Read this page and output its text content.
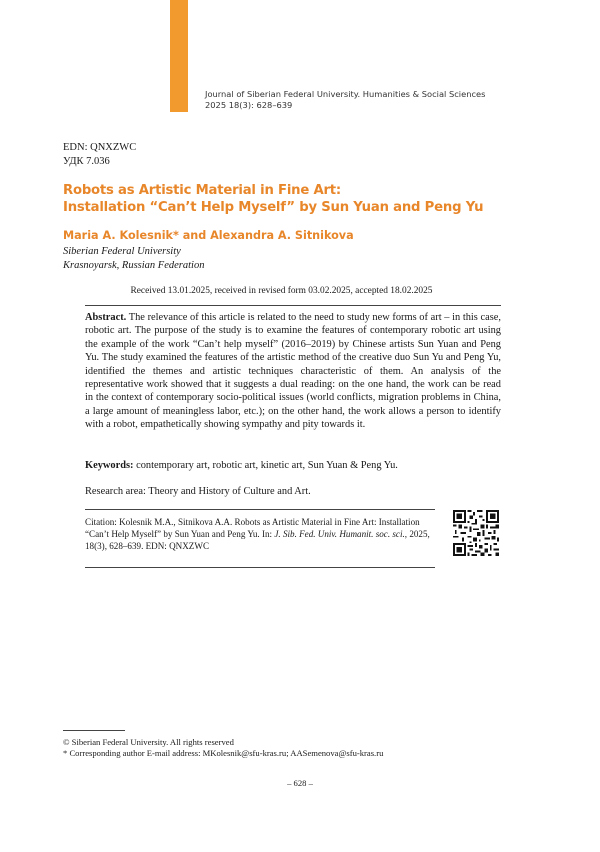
Journal of Siberian Federal University. Humanities & Social Sciences
2025 18(3): 628–639
EDN: QNXZWC
УДК 7.036
Robots as Artistic Material in Fine Art:
Installation “Can’t Help Myself” by Sun Yuan and Peng Yu
Maria A. Kolesnik* and Alexandra A. Sitnikova
Siberian Federal University
Krasnoyarsk, Russian Federation
Received 13.01.2025, received in revised form 03.02.2025, accepted 18.02.2025

Abstract. The relevance of this article is related to the need to study new forms of art – in this case, robotic art. The purpose of the study is to examine the features of contemporary robotic art using the example of the work “Can’t help myself” (2016–2019) by Chinese artists Sun Yuan and Peng Yu. The study examined the features of the artistic method of the creative duo Sun Yu and Peng Yu, identified the themes and artistic techniques characteristic of them. An analysis of the representative work showed that it suggests a dual reading: on the one hand, the work can be read in the context of contemporary socio-political issues (world conflicts, migration problems in China, a large amount of meaningless labor, etc.); on the other hand, the work allows a person to identify with a robot, empathetically showing sympathy and pity towards it.

Keywords: contemporary art, robotic art, kinetic art, Sun Yuan & Peng Yu.

Research area: Theory and History of Culture and Art.

Citation: Kolesnik M.A., Sitnikova A.A. Robots as Artistic Material in Fine Art: Installation “Can’t Help Myself” by Sun Yuan and Peng Yu. In: J. Sib. Fed. Univ. Humanit. soc. sci., 2025, 18(3), 628–639. EDN: QNXZWC

© Siberian Federal University. All rights reserved

* Corresponding author E-mail address: MKolesnik@sfu-kras.ru; AASemenova@sfu-kras.ru

– 628 –
